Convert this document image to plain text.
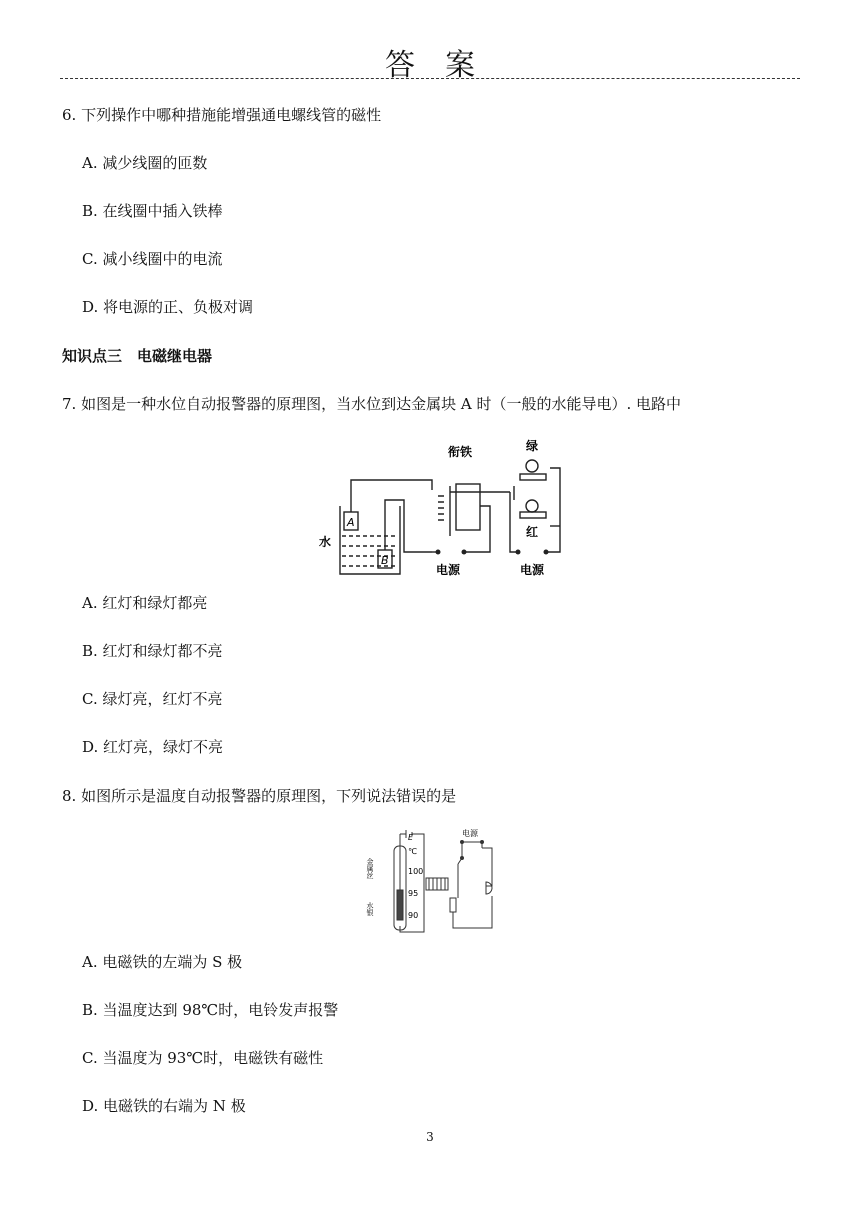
答　案
6. 下列操作中哪种措施能增强通电螺线管的磁性
A. 减少线圈的匝数
B. 在线圈中插入铁棒
C. 减小线圈中的电流
D. 将电源的正、负极对调
知识点三　电磁继电器
7. 如图是一种水位自动报警器的原理图，当水位到达金属块 A 时（一般的水能导电）. 电路中
衔铁	绿
红
水
A
B
电源	电源
A. 红灯和绿灯都亮
B. 红灯和绿灯都不亮
C. 绿灯亮，红灯不亮
D. 红灯亮，绿灯不亮
8. 如图所示是温度自动报警器的原理图，下列说法错误的是
电源
E
℃
100
95
90
金属丝
水银
A. 电磁铁的左端为 S 极
B. 当温度达到 98℃时，电铃发声报警
C. 当温度为 93℃时，电磁铁有磁性
D. 电磁铁的右端为 N 极
3
